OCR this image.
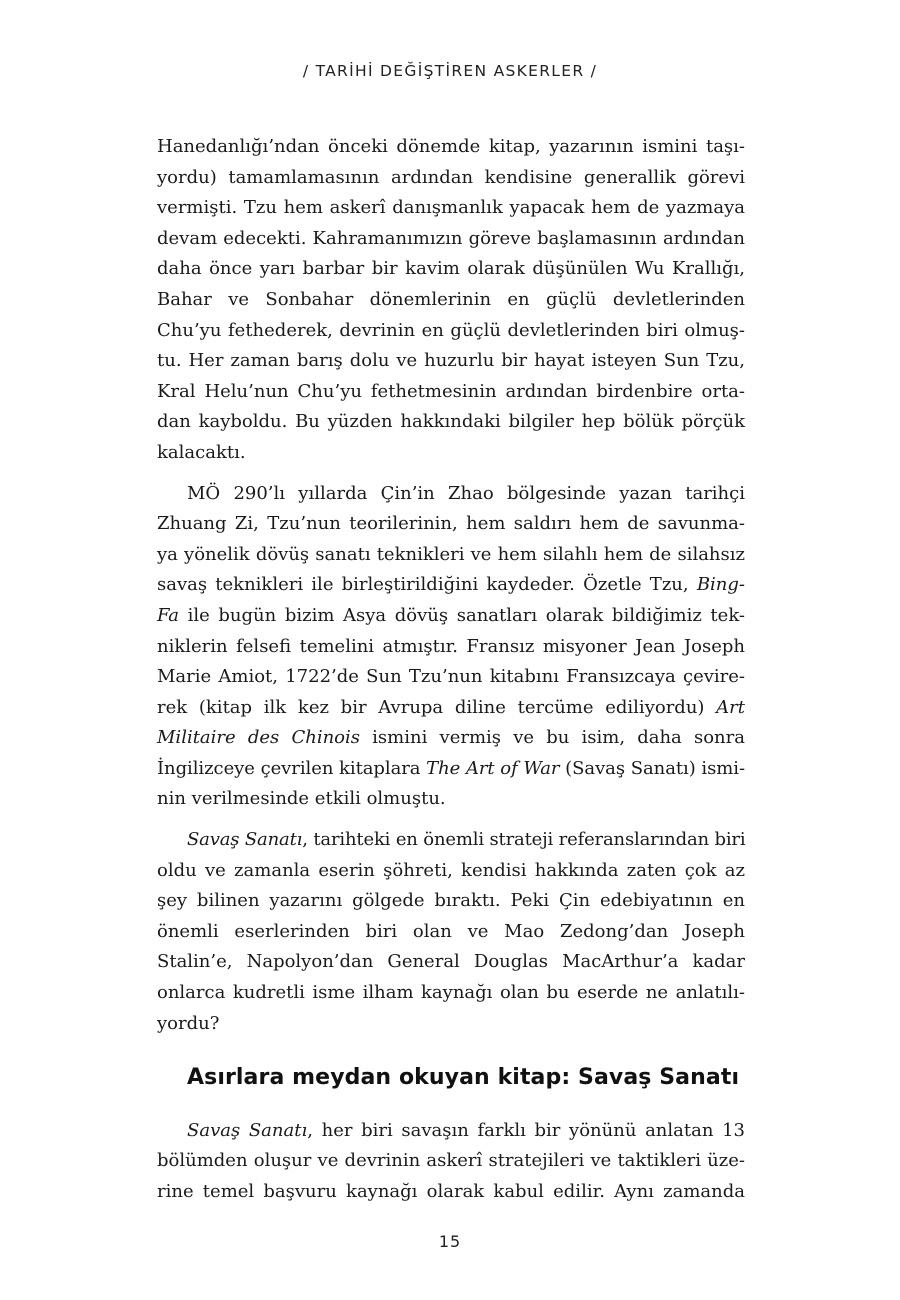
/ TARİHİ DEĞİŞTİREN ASKERLER /

Hanedanlığı’ndan önceki dönemde kitap, yazarının ismini taşı-
yordu) tamamlamasının ardından kendisine generallik görevi
vermişti. Tzu hem askerî danışmanlık yapacak hem de yazmaya
devam edecekti. Kahramanımızın göreve başlamasının ardından
daha önce yarı barbar bir kavim olarak düşünülen Wu Krallığı,
Bahar ve Sonbahar dönemlerinin en güçlü devletlerinden
Chu’yu fethederek, devrinin en güçlü devletlerinden biri olmuş-
tu. Her zaman barış dolu ve huzurlu bir hayat isteyen Sun Tzu,
Kral Helu’nun Chu’yu fethetmesinin ardından birdenbire orta-
dan kayboldu. Bu yüzden hakkındaki bilgiler hep bölük pörçük
kalacaktı.

MÖ 290’lı yıllarda Çin’in Zhao bölgesinde yazan tarihçi
Zhuang Zi, Tzu’nun teorilerinin, hem saldırı hem de savunma-
ya yönelik dövüş sanatı teknikleri ve hem silahlı hem de silahsız
savaş teknikleri ile birleştirildiğini kaydeder. Özetle Tzu, Bing-
Fa ile bugün bizim Asya dövüş sanatları olarak bildiğimiz tek-
niklerin felsefi temelini atmıştır. Fransız misyoner Jean Joseph
Marie Amiot, 1722’de Sun Tzu’nun kitabını Fransızcaya çevire-
rek (kitap ilk kez bir Avrupa diline tercüme ediliyordu) Art
Militaire des Chinois ismini vermiş ve bu isim, daha sonra
İngilizceye çevrilen kitaplara The Art of War (Savaş Sanatı) ismi-
nin verilmesinde etkili olmuştu.

Savaş Sanatı, tarihteki en önemli strateji referanslarından biri
oldu ve zamanla eserin şöhreti, kendisi hakkında zaten çok az
şey bilinen yazarını gölgede bıraktı. Peki Çin edebiyatının en
önemli eserlerinden biri olan ve Mao Zedong’dan Joseph
Stalin’e, Napolyon’dan General Douglas MacArthur’a kadar
onlarca kudretli isme ilham kaynağı olan bu eserde ne anlatılı-
yordu?

Asırlara meydan okuyan kitap: Savaş Sanatı

Savaş Sanatı, her biri savaşın farklı bir yönünü anlatan 13
bölümden oluşur ve devrinin askerî stratejileri ve taktikleri üze-
rine temel başvuru kaynağı olarak kabul edilir. Aynı zamanda

15
